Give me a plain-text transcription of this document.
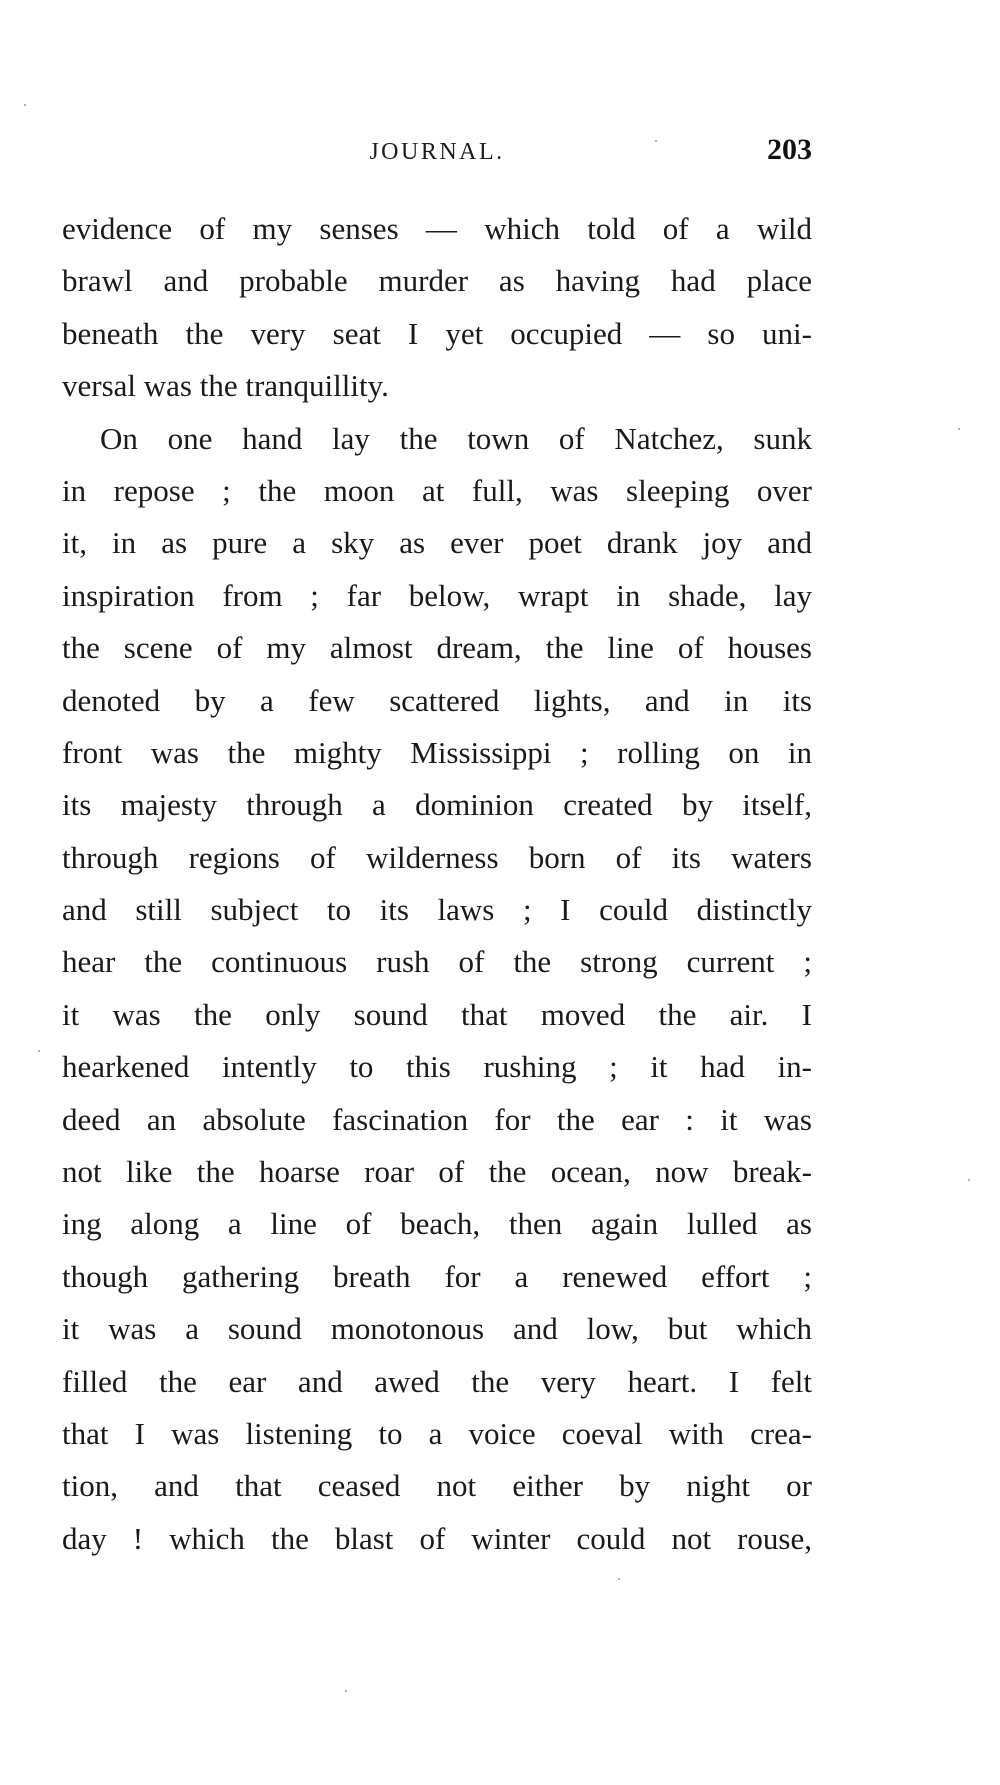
JOURNAL.	203
evidence of my senses — which told of a wild
brawl and probable murder as having had place
beneath the very seat I yet occupied — so uni-
versal was the tranquillity.
On one hand lay the town of Natchez, sunk
in repose ; the moon at full, was sleeping over
it, in as pure a sky as ever poet drank joy and
inspiration from ; far below, wrapt in shade, lay
the scene of my almost dream, the line of houses
denoted by a few scattered lights, and in its
front was the mighty Mississippi ; rolling on in
its majesty through a dominion created by itself,
through regions of wilderness born of its waters
and still subject to its laws ; I could distinctly
hear the continuous rush of the strong current ;
it was the only sound that moved the air. I
hearkened intently to this rushing ; it had in-
deed an absolute fascination for the ear : it was
not like the hoarse roar of the ocean, now break-
ing along a line of beach, then again lulled as
though gathering breath for a renewed effort ;
it was a sound monotonous and low, but which
filled the ear and awed the very heart. I felt
that I was listening to a voice coeval with crea-
tion, and that ceased not either by night or
day ! which the blast of winter could not rouse,
